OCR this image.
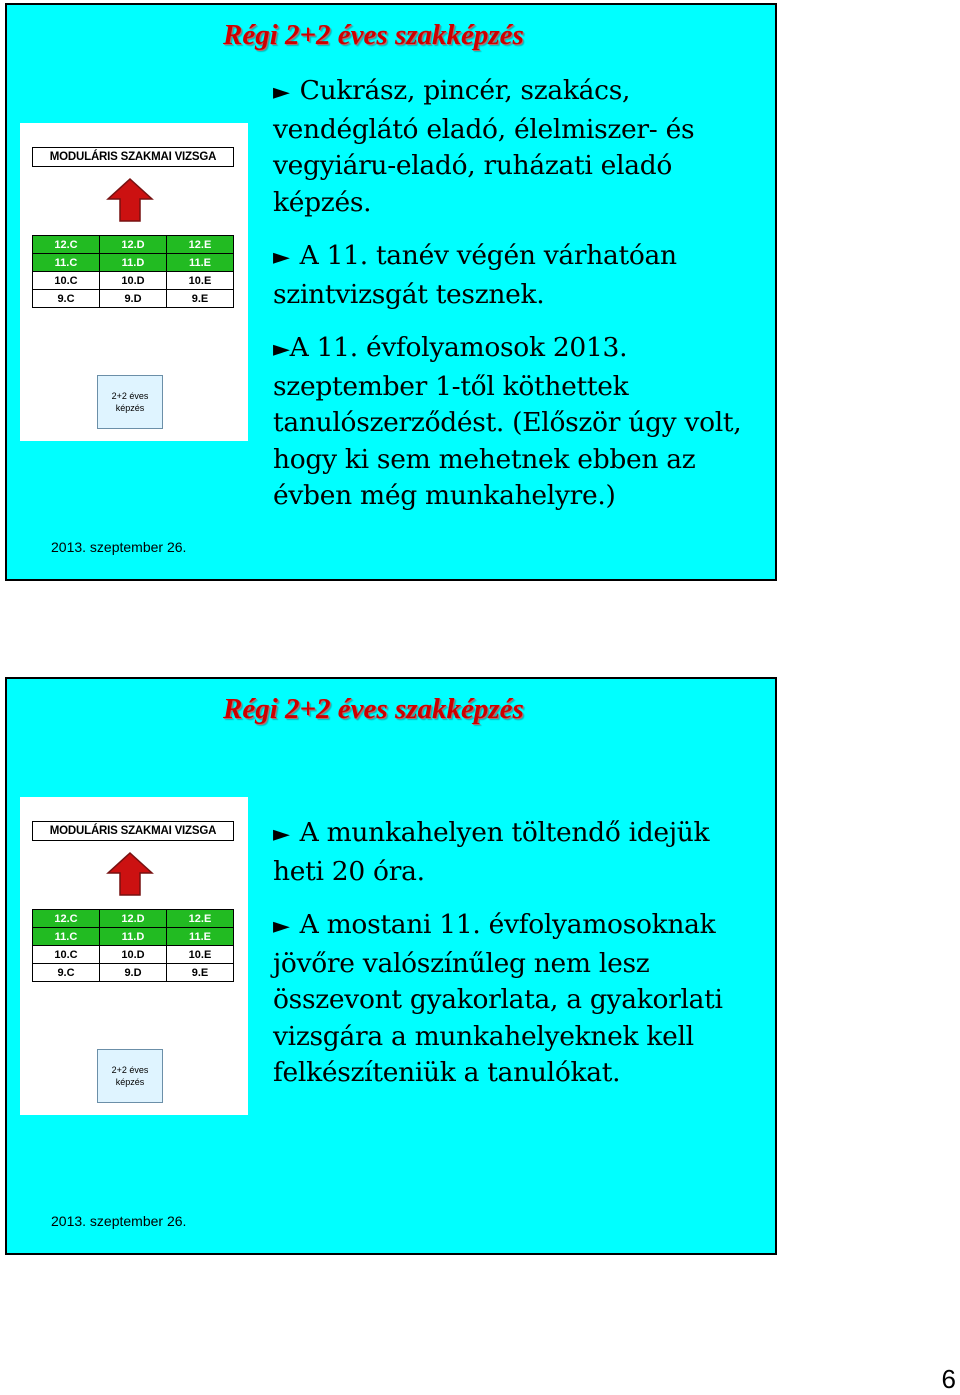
Régi 2+2 éves szakképzés
MODULÁRIS SZAKMAI VIZSGA
12.C	12.D	12.E
11.C	11.D	11.E
10.C	10.D	10.E
9.C	9.D	9.E
2+2 éves
képzés
► Cukrász, pincér, szakács, vendéglátó eladó, élelmiszer- és vegyiáru-eladó, ruházati eladó képzés.
► A 11. tanév végén várhatóan szintvizsgát tesznek.
►A 11. évfolyamosok 2013. szeptember 1-től köthettek tanulószerződést. (Először úgy volt, hogy ki sem mehetnek ebben az évben még munkahelyre.)
2013. szeptember 26.
Régi 2+2 éves szakképzés
MODULÁRIS SZAKMAI VIZSGA
12.C	12.D	12.E
11.C	11.D	11.E
10.C	10.D	10.E
9.C	9.D	9.E
2+2 éves
képzés
► A munkahelyen töltendő idejük heti 20 óra.
► A mostani 11. évfolyamosoknak jövőre valószínűleg nem lesz összevont gyakorlata, a gyakorlati vizsgára a munkahelyeknek kell felkészíteniük a tanulókat.
2013. szeptember 26.
6
